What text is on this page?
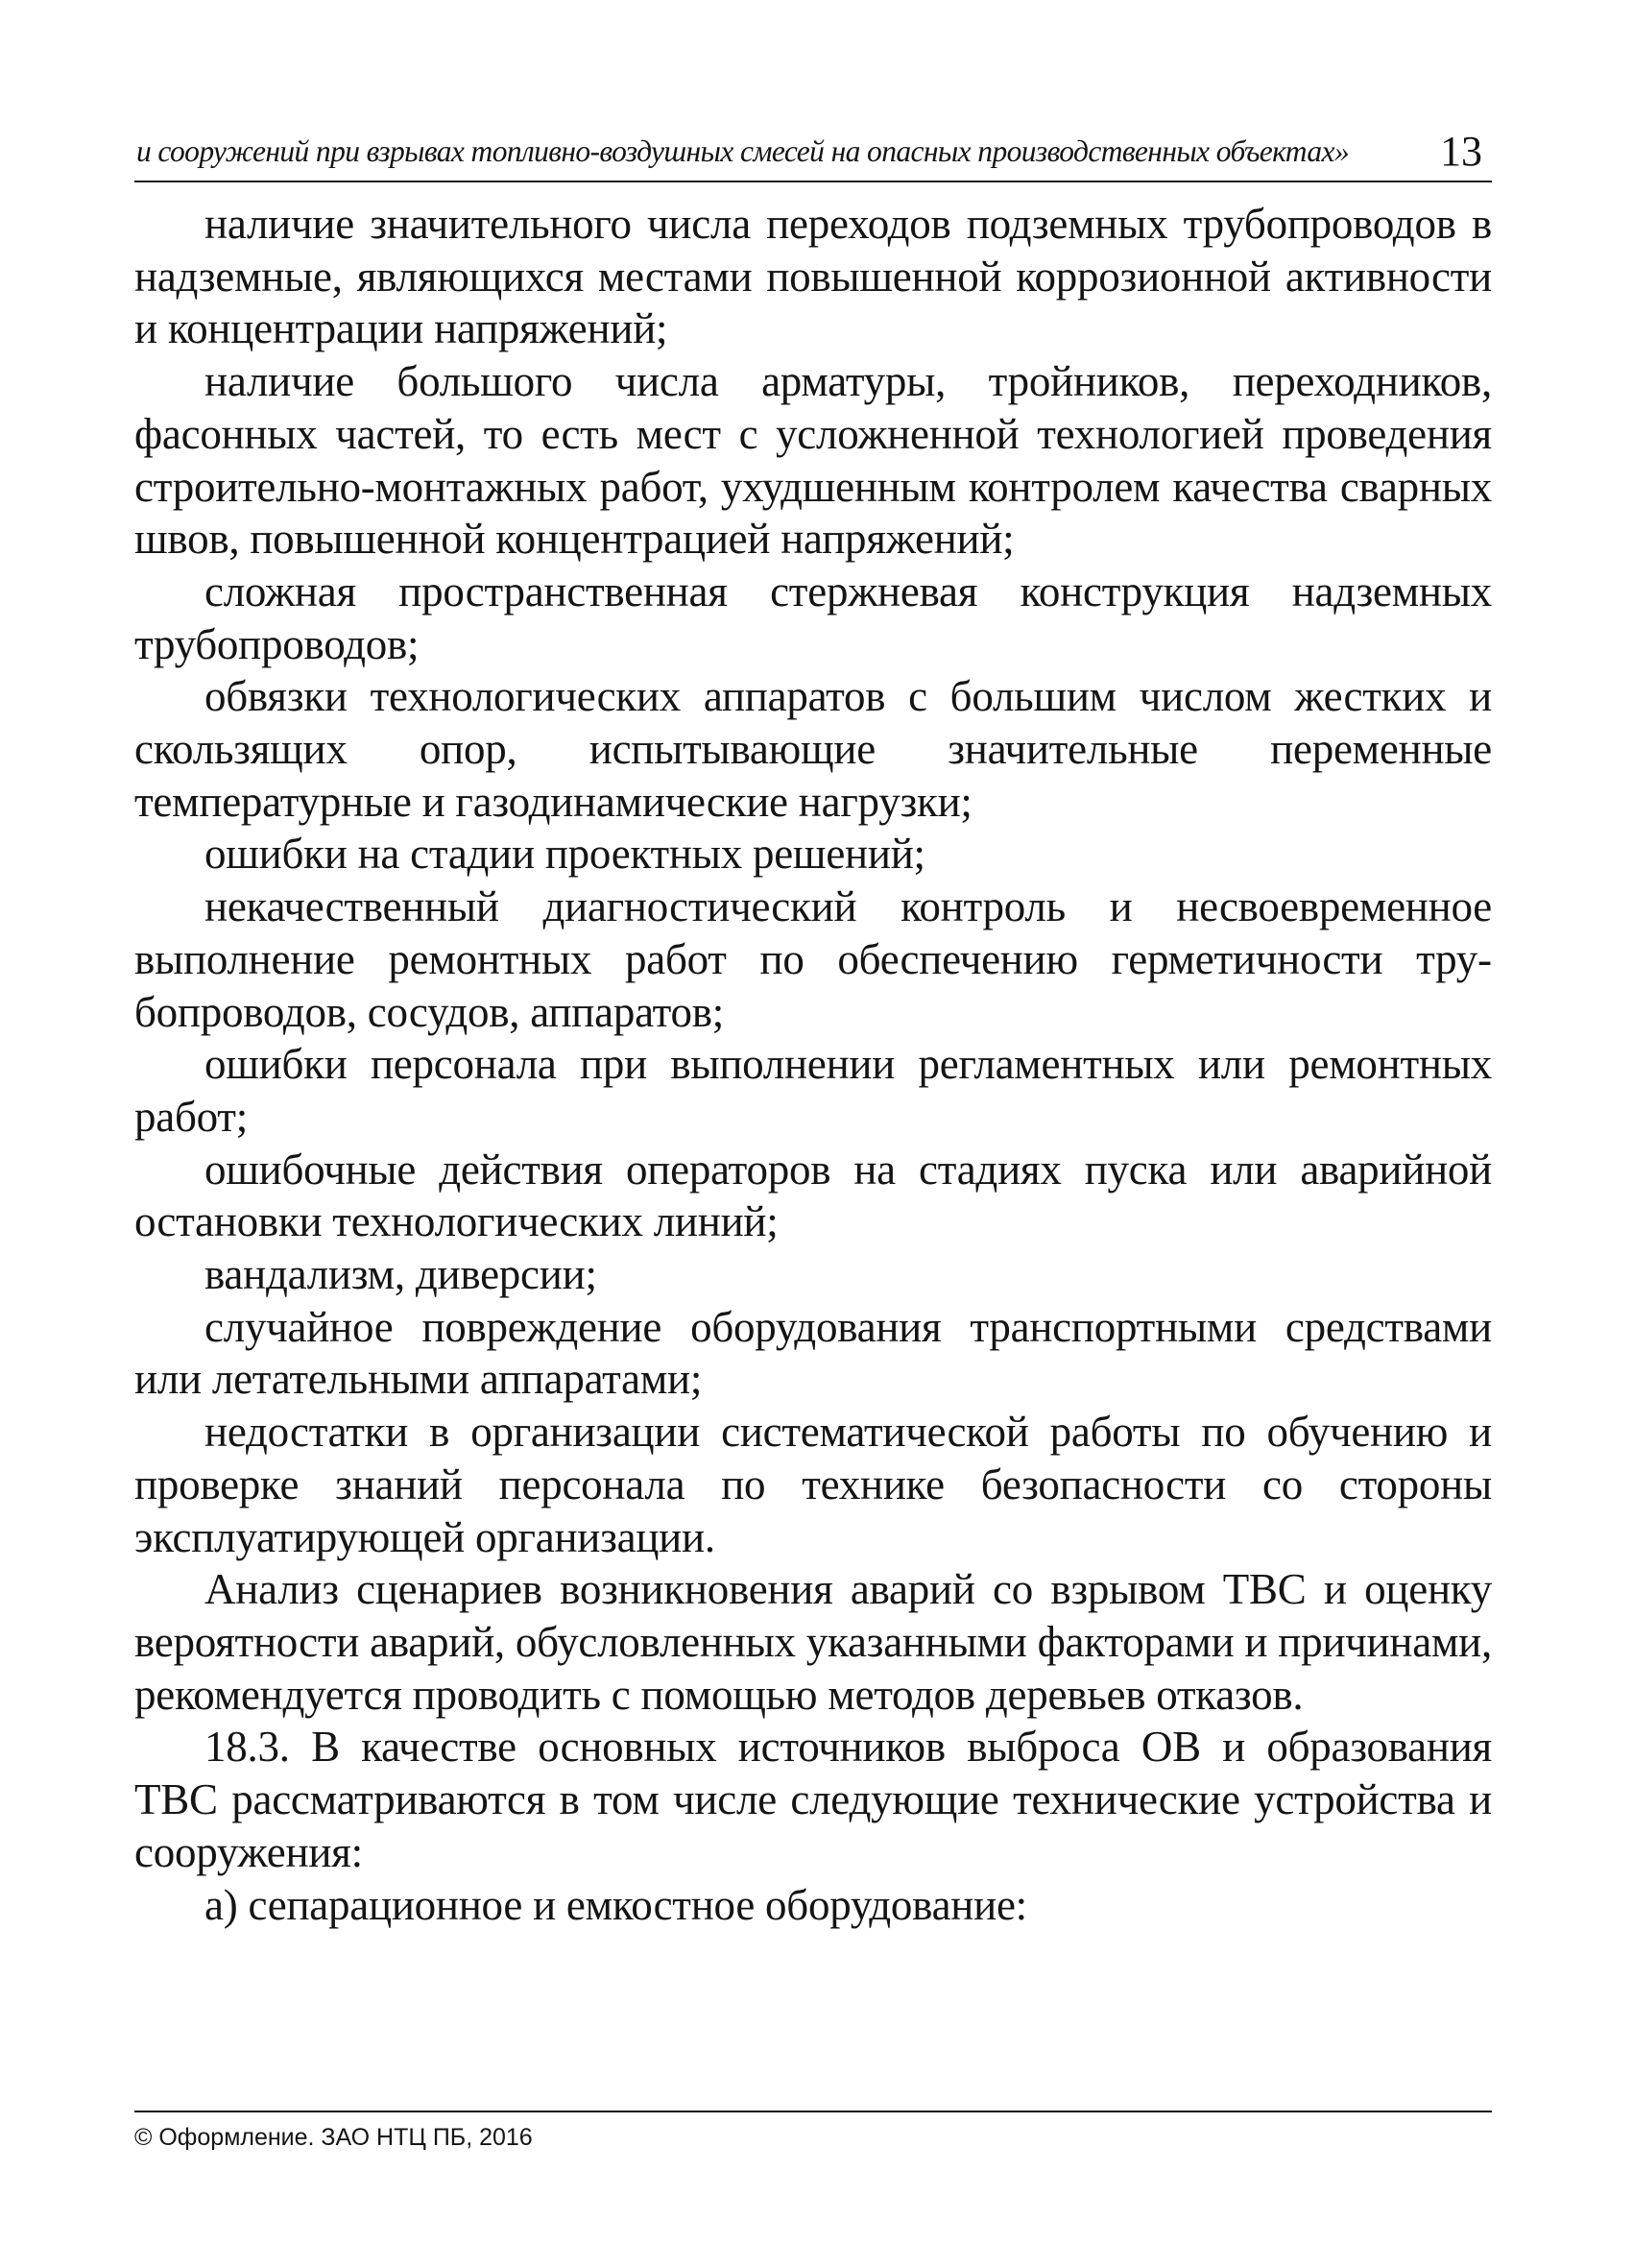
и сооружений при взрывах топливно-воздушных смесей на опасных производственных объектах» 13

наличие значительного числа переходов подземных трубопроводов в надземные, являющихся местами повышенной коррозионной активности и концентрации напряжений;

наличие большого числа арматуры, тройников, переходников, фасонных частей, то есть мест с усложненной технологией проведения строительно-монтажных работ, ухудшенным контролем качества сварных швов, повышенной концентрацией напряжений;

сложная пространственная стержневая конструкция надземных трубопроводов;

обвязки технологических аппаратов с большим числом жестких и скользящих опор, испытывающие значительные переменные температурные и газодинамические нагрузки;

ошибки на стадии проектных решений;

некачественный диагностический контроль и несвоевременное выполнение ремонтных работ по обеспечению герметичности трубопроводов, сосудов, аппаратов;

ошибки персонала при выполнении регламентных или ремонтных работ;

ошибочные действия операторов на стадиях пуска или аварийной остановки технологических линий;

вандализм, диверсии;

случайное повреждение оборудования транспортными средствами или летательными аппаратами;

недостатки в организации систематической работы по обучению и проверке знаний персонала по технике безопасности со стороны эксплуатирующей организации.

Анализ сценариев возникновения аварий со взрывом ТВС и оценку вероятности аварий, обусловленных указанными факторами и причинами, рекомендуется проводить с помощью методов деревьев отказов.

18.3. В качестве основных источников выброса ОВ и образования ТВС рассматриваются в том числе следующие технические устройства и сооружения:

а) сепарационное и емкостное оборудование:

© Оформление. ЗАО НТЦ ПБ, 2016
